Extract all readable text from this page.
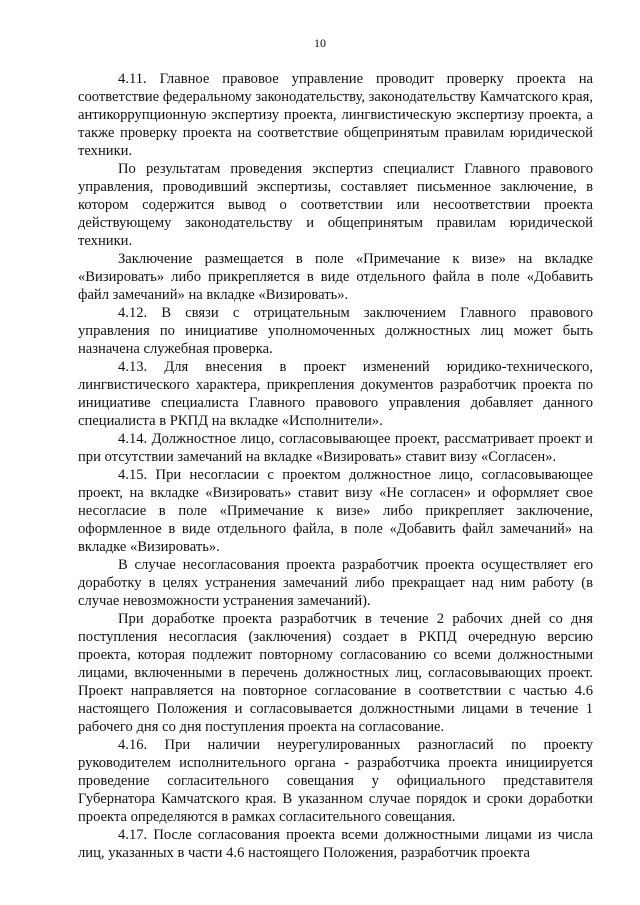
10

4.11. Главное правовое управление проводит проверку проекта на соответствие федеральному законодательству, законодательству Камчатского края, антикоррупционную экспертизу проекта, лингвистическую экспертизу проекта, а также проверку проекта на соответствие общепринятым правилам юридической техники.

По результатам проведения экспертиз специалист Главного правового управления, проводивший экспертизы, составляет письменное заключение, в котором содержится вывод о соответствии или несоответствии проекта действующему законодательству и общепринятым правилам юридической техники.

Заключение размещается в поле «Примечание к визе» на вкладке «Визировать» либо прикрепляется в виде отдельного файла в поле «Добавить файл замечаний» на вкладке «Визировать».

4.12. В связи с отрицательным заключением Главного правового управления по инициативе уполномоченных должностных лиц может быть назначена служебная проверка.

4.13. Для внесения в проект изменений юридико-технического, лингвистического характера, прикрепления документов разработчик проекта по инициативе специалиста Главного правового управления добавляет данного специалиста в РКПД на вкладке «Исполнители».

4.14. Должностное лицо, согласовывающее проект, рассматривает проект и при отсутствии замечаний на вкладке «Визировать» ставит визу «Согласен».

4.15. При несогласии с проектом должностное лицо, согласовывающее проект, на вкладке «Визировать» ставит визу «Не согласен» и оформляет свое несогласие в поле «Примечание к визе» либо прикрепляет заключение, оформленное в виде отдельного файла, в поле «Добавить файл замечаний» на вкладке «Визировать».

В случае несогласования проекта разработчик проекта осуществляет его доработку в целях устранения замечаний либо прекращает над ним работу (в случае невозможности устранения замечаний).

При доработке проекта разработчик в течение 2 рабочих дней со дня поступления несогласия (заключения) создает в РКПД очередную версию проекта, которая подлежит повторному согласованию со всеми должностными лицами, включенными в перечень должностных лиц, согласовывающих проект. Проект направляется на повторное согласование в соответствии с частью 4.6 настоящего Положения и согласовывается должностными лицами в течение 1 рабочего дня со дня поступления проекта на согласование.

4.16. При наличии неурегулированных разногласий по проекту руководителем исполнительного органа - разработчика проекта инициируется проведение согласительного совещания у официального представителя Губернатора Камчатского края. В указанном случае порядок и сроки доработки проекта определяются в рамках согласительного совещания.

4.17. После согласования проекта всеми должностными лицами из числа лиц, указанных в части 4.6 настоящего Положения, разработчик проекта
